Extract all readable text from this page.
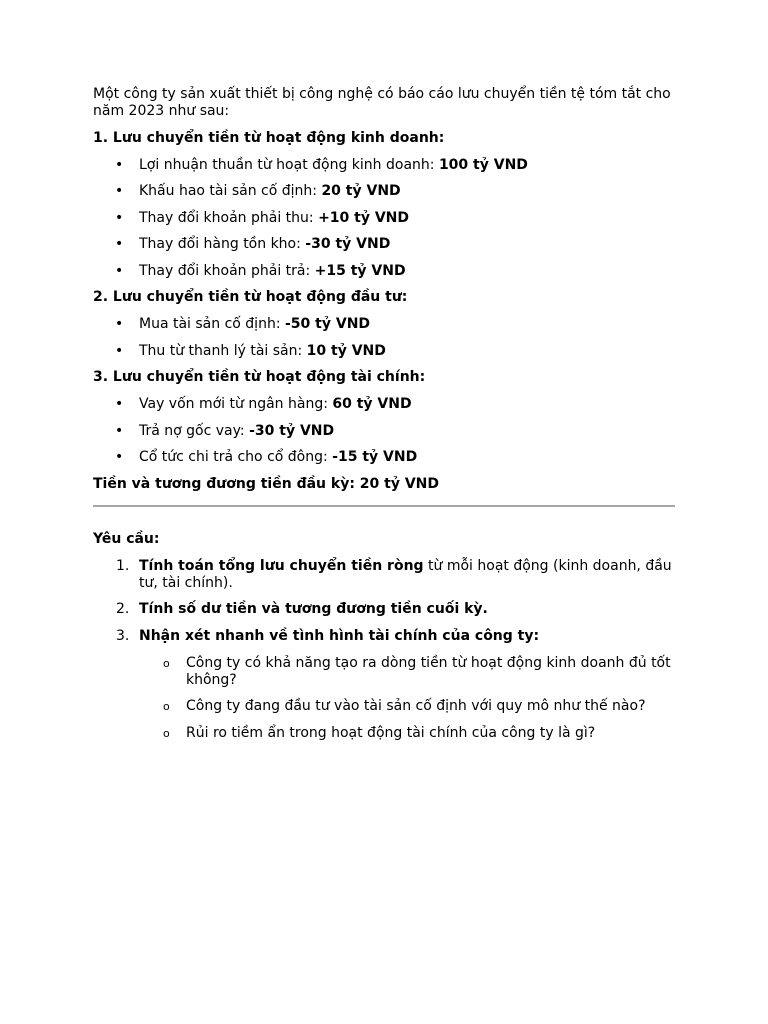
Một công ty sản xuất thiết bị công nghệ có báo cáo lưu chuyển tiền tệ tóm tắt cho năm 2023 như sau:

1. Lưu chuyển tiền từ hoạt động kinh doanh:

• Lợi nhuận thuần từ hoạt động kinh doanh: 100 tỷ VND
• Khấu hao tài sản cố định: 20 tỷ VND
• Thay đổi khoản phải thu: +10 tỷ VND
• Thay đổi hàng tồn kho: -30 tỷ VND
• Thay đổi khoản phải trả: +15 tỷ VND

2. Lưu chuyển tiền từ hoạt động đầu tư:

• Mua tài sản cố định: -50 tỷ VND
• Thu từ thanh lý tài sản: 10 tỷ VND

3. Lưu chuyển tiền từ hoạt động tài chính:

• Vay vốn mới từ ngân hàng: 60 tỷ VND
• Trả nợ gốc vay: -30 tỷ VND
• Cổ tức chi trả cho cổ đông: -15 tỷ VND

Tiền và tương đương tiền đầu kỳ: 20 tỷ VND

Yêu cầu:

1. Tính toán tổng lưu chuyển tiền ròng từ mỗi hoạt động (kinh doanh, đầu tư, tài chính).
2. Tính số dư tiền và tương đương tiền cuối kỳ.
3. Nhận xét nhanh về tình hình tài chính của công ty:
o Công ty có khả năng tạo ra dòng tiền từ hoạt động kinh doanh đủ tốt không?
o Công ty đang đầu tư vào tài sản cố định với quy mô như thế nào?
o Rủi ro tiềm ẩn trong hoạt động tài chính của công ty là gì?
